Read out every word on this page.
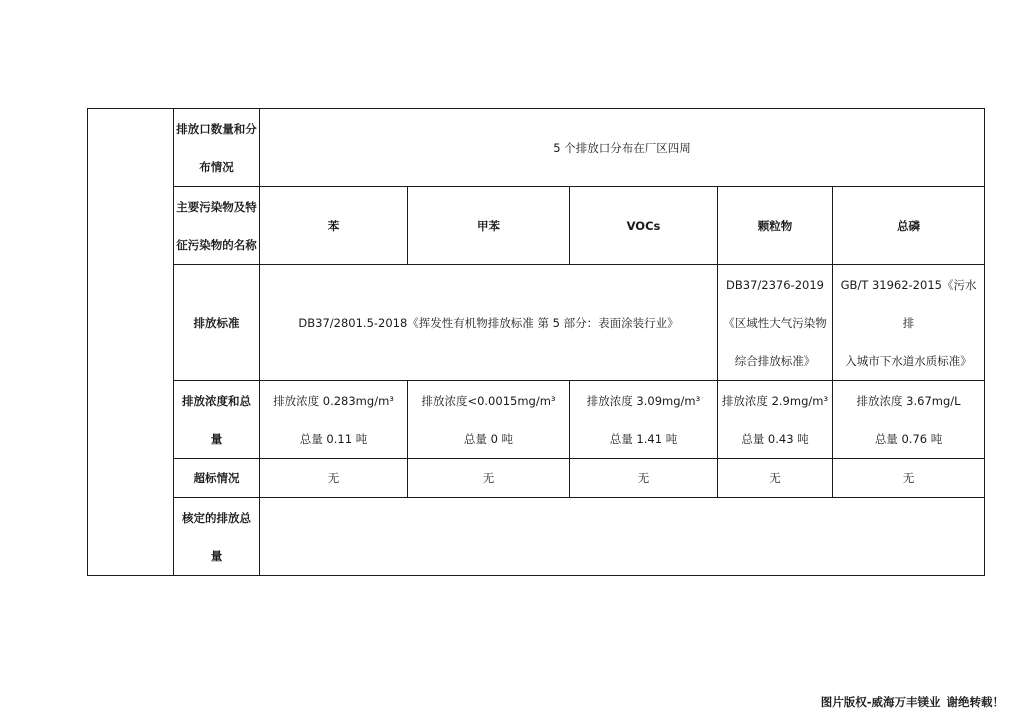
	排放口数量和分
布情况	5 个排放口分布在厂区四周				

	主要污染物及特
征污染物的名称	苯	甲苯	VOCs	颗粒物	总磷
	排放标准	DB37/2801.5-2018《挥发性有机物排放标准 第 5 部分：表面涂装行业》			DB37/2376-2019
《区域性大气污染物
综合排放标准》	GB/T 31962-2015《污水排
入城市下水道水质标准》

	排放浓度和总
量	排放浓度 0.283mg/m³
总量 0.11 吨	排放浓度<0.0015mg/m³
总量 0 吨	排放浓度 3.09mg/m³
总量 1.41 吨	排放浓度 2.9mg/m³
总量 0.43 吨	排放浓度 3.67mg/L
总量 0.76 吨

	超标情况	无	无	无	无	无

	核定的排放总
量					

图片版权-威海万丰镁业 谢绝转载！
